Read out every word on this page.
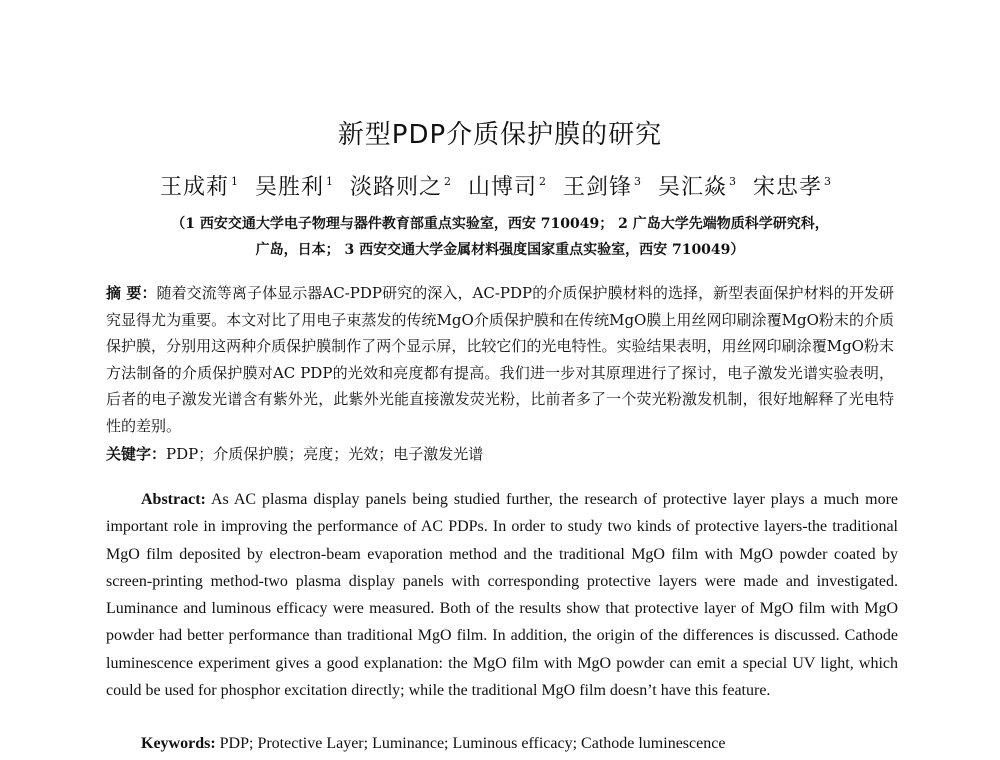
新型PDP介质保护膜的研究
王成莉 $^1$ 吴胜利 $^1$ 淡路则之 $^2$ 山博司 $^2$ 王剑锋 $^3$ 吴汇焱 $^3$ 宋忠孝 $^3$
（1 西安交通大学电子物理与器件教育部重点实验室，西安 710049； 2 广岛大学先端物质科学研究科，
广岛，日本； 3 西安交通大学金属材料强度国家重点实验室，西安 710049）
摘 要：随着交流等离子体显示器AC-PDP研究的深入，AC-PDP的介质保护膜材料的选择，新型表面保护材料的开发研究显得尤为重要。本文对比了用电子束蒸发的传统MgO介质保护膜和在传统MgO膜上用丝网印刷涂覆MgO粉末的介质保护膜，分别用这两种介质保护膜制作了两个显示屏，比较它们的光电特性。实验结果表明，用丝网印刷涂覆MgO粉末方法制备的介质保护膜对AC PDP的光效和亮度都有提高。我们进一步对其原理进行了探讨，电子激发光谱实验表明，后者的电子激发光谱含有紫外光，此紫外光能直接激发荧光粉，比前者多了一个荧光粉激发机制，很好地解释了光电特性的差别。
关键字：PDP；介质保护膜；亮度；光效；电子激发光谱
Abstract: As AC plasma display panels being studied further, the research of protective layer plays a much more important role in improving the performance of AC PDPs. In order to study two kinds of protective layers-the traditional MgO film deposited by electron-beam evaporation method and the traditional MgO film with MgO powder coated by screen-printing method-two plasma display panels with corresponding protective layers were made and investigated. Luminance and luminous efficacy were measured. Both of the results show that protective layer of MgO film with MgO powder had better performance than traditional MgO film. In addition, the origin of the differences is discussed. Cathode luminescence experiment gives a good explanation: the MgO film with MgO powder can emit a special UV light, which could be used for phosphor excitation directly; while the traditional MgO film doesn’t have this feature.
Keywords: PDP; Protective Layer; Luminance; Luminous efficacy; Cathode luminescence
